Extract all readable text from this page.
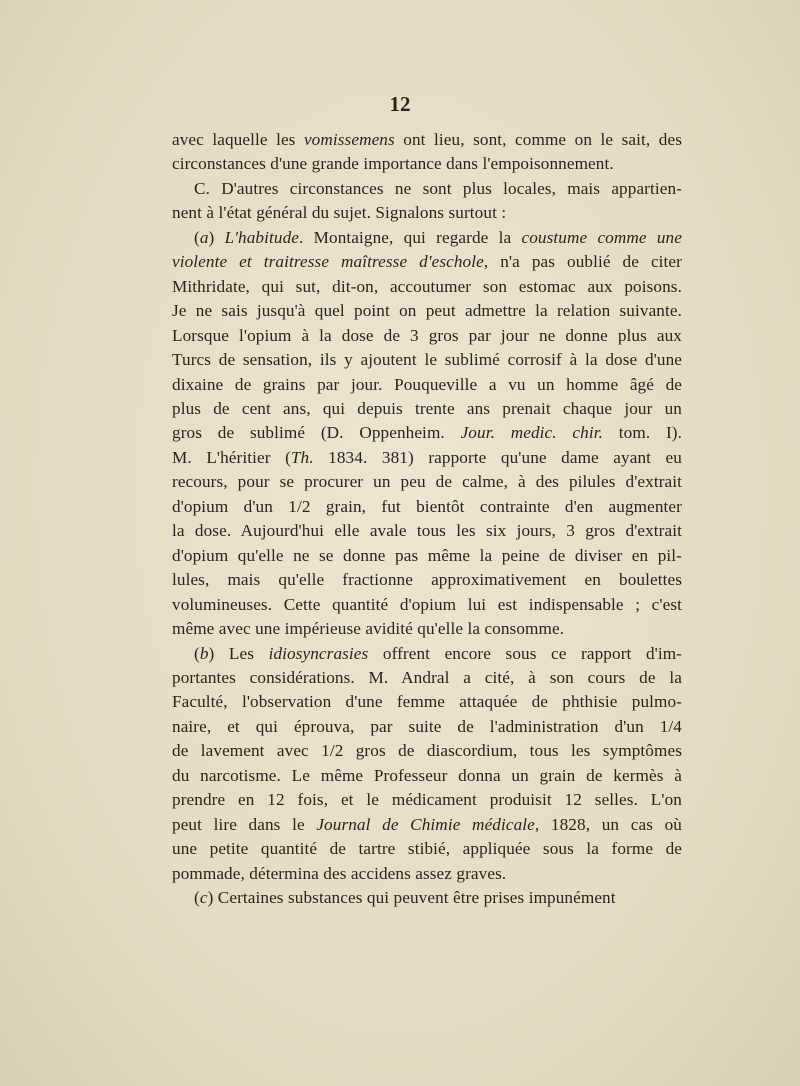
12
avec laquelle les vomissemens ont lieu, sont, comme on le sait, des
circonstances d'une grande importance dans l'empoisonnement.
C. D'autres circonstances ne sont plus locales, mais appartien-
nent à l'état général du sujet. Signalons surtout :
(a) L'habitude. Montaigne, qui regarde la coustume comme une
violente et traitresse maîtresse d'eschole, n'a pas oublié de citer
Mithridate, qui sut, dit-on, accoutumer son estomac aux poisons.
Je ne sais jusqu'à quel point on peut admettre la relation suivante.
Lorsque l'opium à la dose de 3 gros par jour ne donne plus aux
Turcs de sensation, ils y ajoutent le sublimé corrosif à la dose d'une
dixaine de grains par jour. Pouqueville a vu un homme âgé de
plus de cent ans, qui depuis trente ans prenait chaque jour un
gros de sublimé (D. Oppenheim. Jour. medic. chir. tom. I).
M. L'héritier (Th. 1834. 381) rapporte qu'une dame ayant eu
recours, pour se procurer un peu de calme, à des pilules d'extrait
d'opium d'un 1/2 grain, fut bientôt contrainte d'en augmenter
la dose. Aujourd'hui elle avale tous les six jours, 3 gros d'extrait
d'opium qu'elle ne se donne pas même la peine de diviser en pil-
lules, mais qu'elle fractionne approximativement en boulettes
volumineuses. Cette quantité d'opium lui est indispensable ; c'est
même avec une impérieuse avidité qu'elle la consomme.
(b) Les idiosyncrasies offrent encore sous ce rapport d'im-
portantes considérations. M. Andral a cité, à son cours de la
Faculté, l'observation d'une femme attaquée de phthisie pulmo-
naire, et qui éprouva, par suite de l'administration d'un 1/4
de lavement avec 1/2 gros de diascordium, tous les symptômes
du narcotisme. Le même Professeur donna un grain de kermès à
prendre en 12 fois, et le médicament produisit 12 selles. L'on
peut lire dans le Journal de Chimie médicale, 1828, un cas où
une petite quantité de tartre stibié, appliquée sous la forme de
pommade, détermina des accidens assez graves.
(c) Certaines substances qui peuvent être prises impunément
